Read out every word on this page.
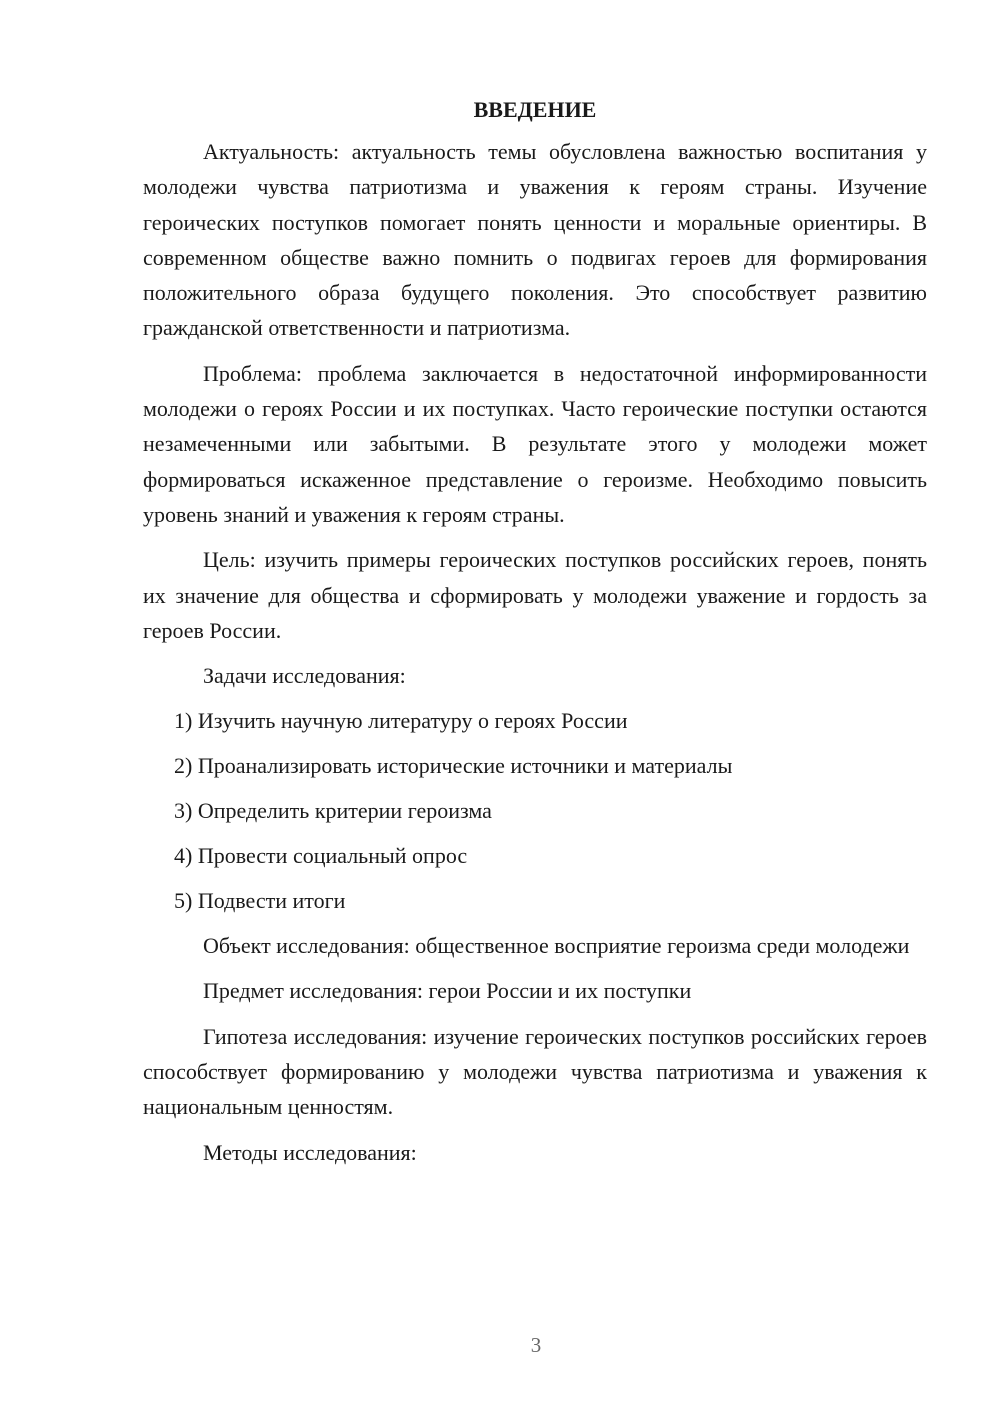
ВВЕДЕНИЕ

Актуальность: актуальность темы обусловлена важностью воспитания у молодежи чувства патриотизма и уважения к героям страны. Изучение героических поступков помогает понять ценности и моральные ориентиры. В современном обществе важно помнить о подвигах героев для формирования положительного образа будущего поколения. Это способствует развитию гражданской ответственности и патриотизма.

Проблема: проблема заключается в недостаточной информированности молодежи о героях России и их поступках. Часто героические поступки остаются незамеченными или забытыми. В результате этого у молодежи может формироваться искаженное представление о героизме. Необходимо повысить уровень знаний и уважения к героям страны.

Цель: изучить примеры героических поступков российских героев, понять их значение для общества и сформировать у молодежи уважение и гордость за героев России.

Задачи исследования:

1) Изучить научную литературу о героях России

2) Проанализировать исторические источники и материалы

3) Определить критерии героизма

4) Провести социальный опрос

5) Подвести итоги

Объект исследования: общественное восприятие героизма среди молодежи

Предмет исследования: герои России и их поступки

Гипотеза исследования: изучение героических поступков российских героев способствует формированию у молодежи чувства патриотизма и уважения к национальным ценностям.

Методы исследования:

3
